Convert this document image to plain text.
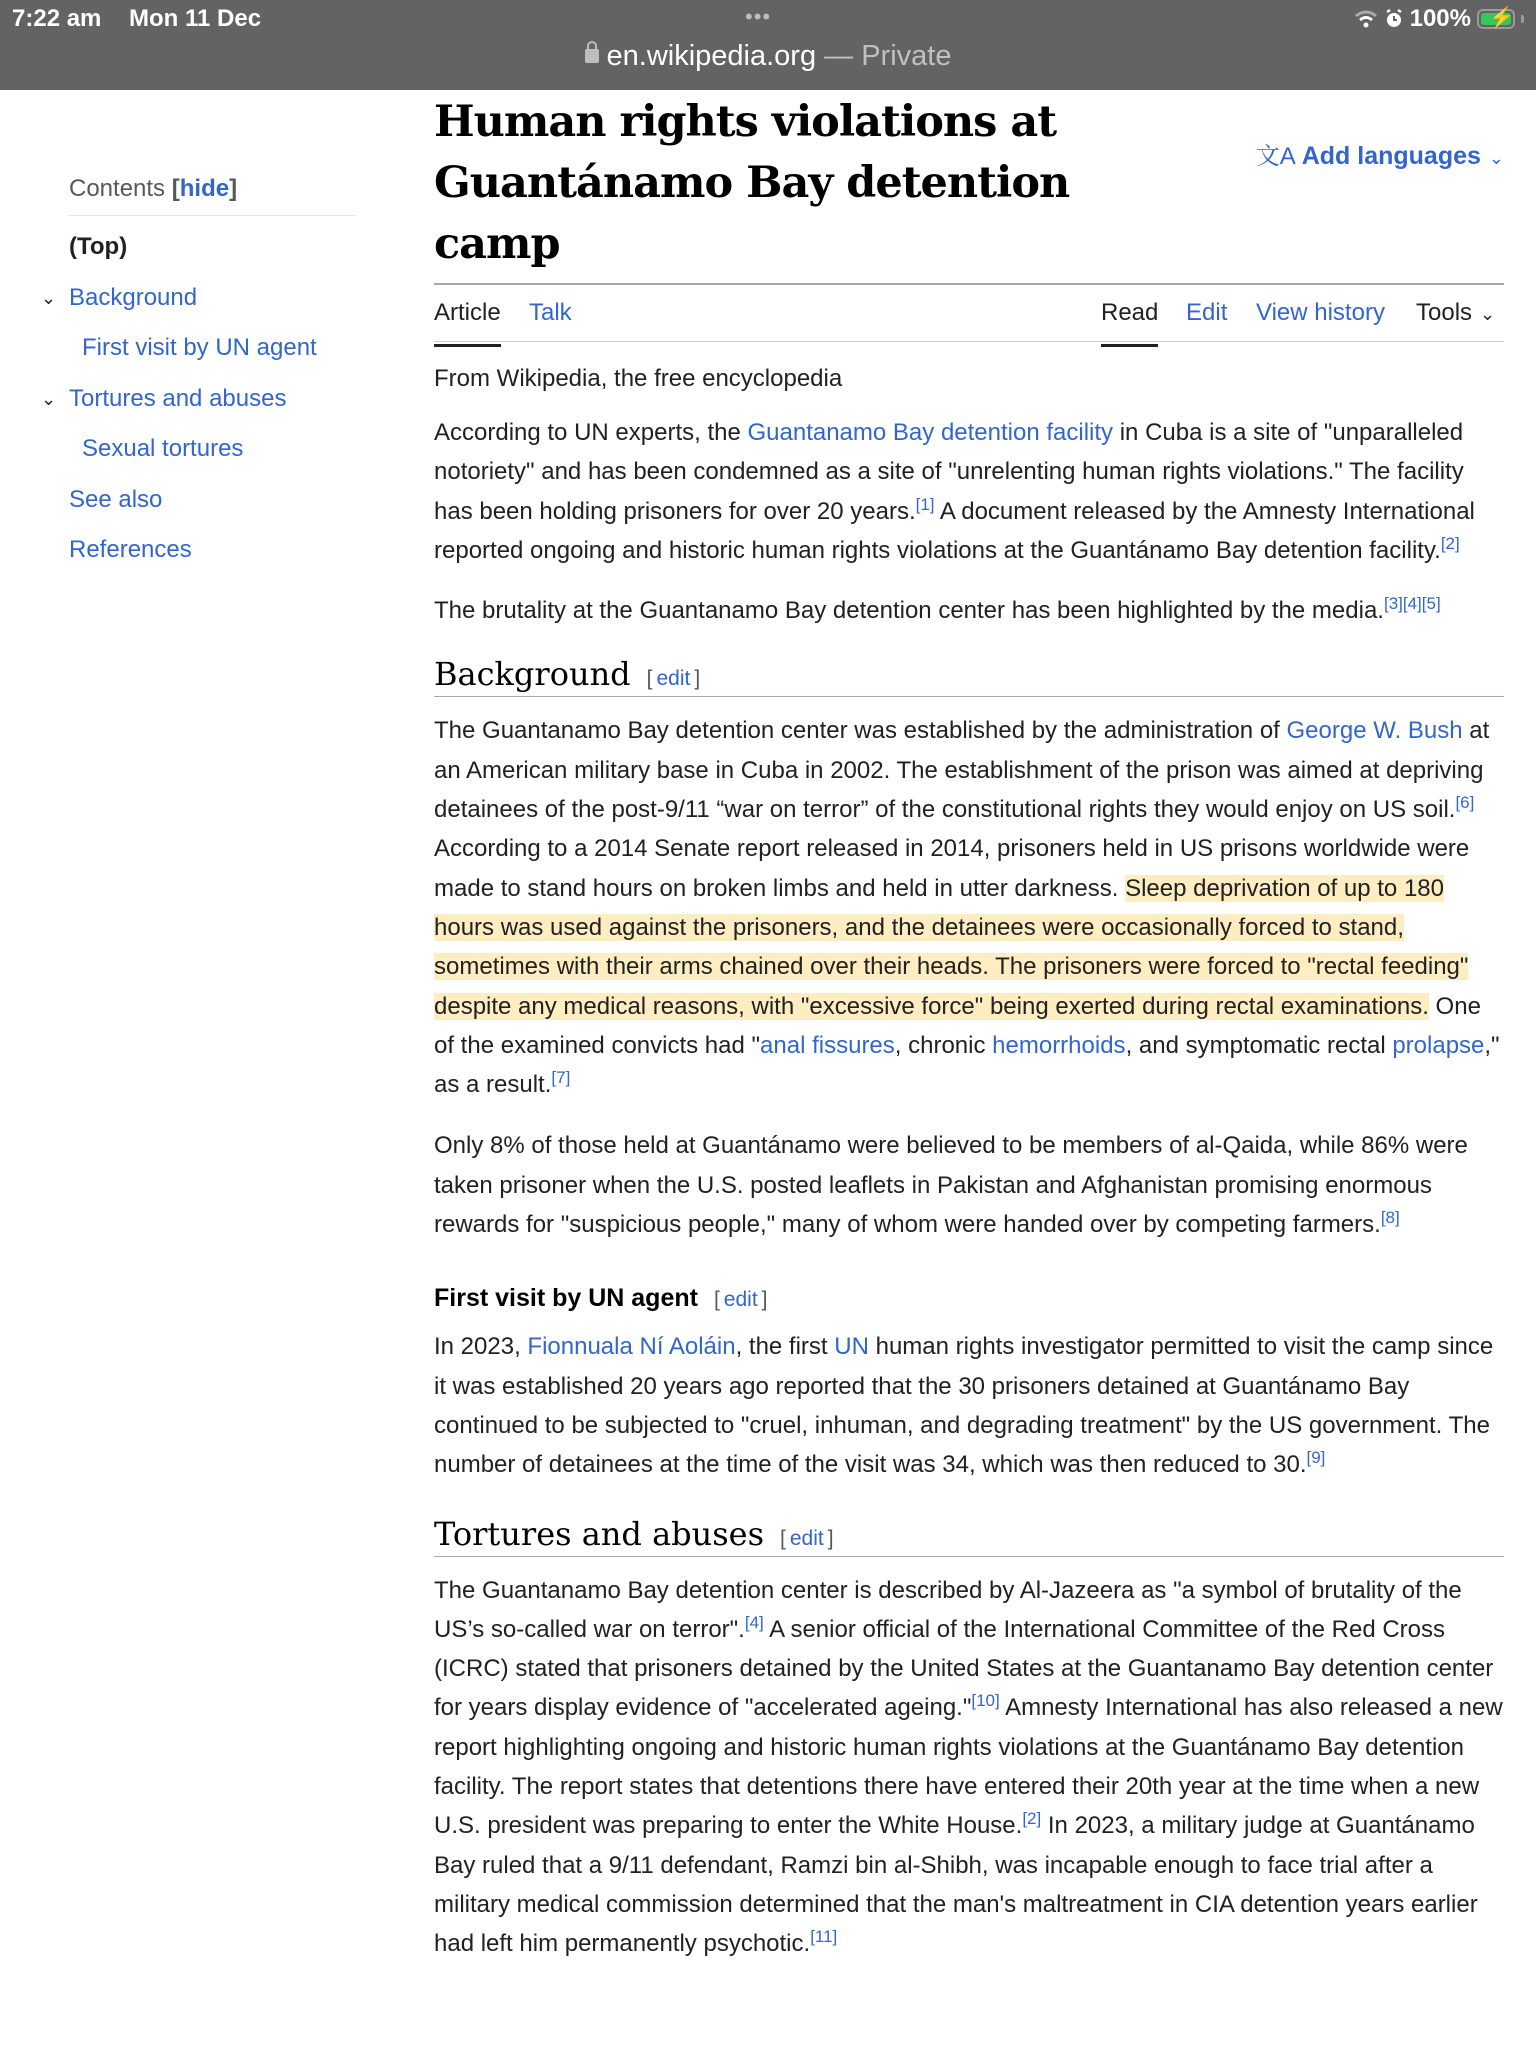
7:22 am Mon 11 Dec	•••	100% ⚡
en.wikipedia.org — Private
Contents [hide]
(Top)
⌄ Background
First visit by UN agent
⌄ Tortures and abuses
Sexual tortures
See also
References
Human rights violations at
Guantánamo Bay detention camp
文A Add languages ⌄
Article Talk	Read Edit View history Tools ⌄
From Wikipedia, the free encyclopedia

According to UN experts, the Guantanamo Bay detention facility in Cuba is a site of "unparalleled notoriety" and has been condemned as a site of "unrelenting human rights violations." The facility has been holding prisoners for over 20 years.[1] A document released by the Amnesty International reported ongoing and historic human rights violations at the Guantánamo Bay detention facility.[2]

The brutality at the Guantanamo Bay detention center has been highlighted by the media.[3][4][5]

Background [ edit ]

The Guantanamo Bay detention center was established by the administration of George W. Bush at an American military base in Cuba in 2002. The establishment of the prison was aimed at depriving detainees of the post-9/11 “war on terror” of the constitutional rights they would enjoy on US soil.[6] According to a 2014 Senate report released in 2014, prisoners held in US prisons worldwide were made to stand hours on broken limbs and held in utter darkness. Sleep deprivation of up to 180 hours was used against the prisoners, and the detainees were occasionally forced to stand, sometimes with their arms chained over their heads. The prisoners were forced to "rectal feeding" despite any medical reasons, with "excessive force" being exerted during rectal examinations. One of the examined convicts had "anal fissures, chronic hemorrhoids, and symptomatic rectal prolapse," as a result.[7]

Only 8% of those held at Guantánamo were believed to be members of al-Qaida, while 86% were taken prisoner when the U.S. posted leaflets in Pakistan and Afghanistan promising enormous rewards for "suspicious people," many of whom were handed over by competing farmers.[8]

First visit by UN agent [ edit ]

In 2023, Fionnuala Ní Aoláin, the first UN human rights investigator permitted to visit the camp since it was established 20 years ago reported that the 30 prisoners detained at Guantánamo Bay continued to be subjected to "cruel, inhuman, and degrading treatment" by the US government. The number of detainees at the time of the visit was 34, which was then reduced to 30.[9]

Tortures and abuses [ edit ]

The Guantanamo Bay detention center is described by Al-Jazeera as "a symbol of brutality of the US’s so-called war on terror".[4] A senior official of the International Committee of the Red Cross (ICRC) stated that prisoners detained by the United States at the Guantanamo Bay detention center for years display evidence of "accelerated ageing."[10] Amnesty International has also released a new report highlighting ongoing and historic human rights violations at the Guantánamo Bay detention facility. The report states that detentions there have entered their 20th year at the time when a new U.S. president was preparing to enter the White House.[2] In 2023, a military judge at Guantánamo Bay ruled that a 9/11 defendant, Ramzi bin al-Shibh, was incapable enough to face trial after a military medical commission determined that the man's maltreatment in CIA detention years earlier had left him permanently psychotic.[11]
